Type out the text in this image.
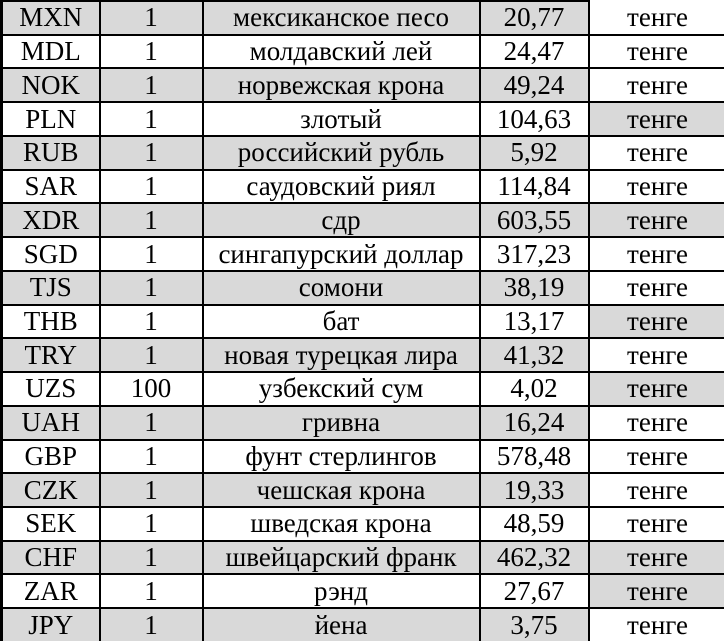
MXN	1	мексиканское песо	20,77	тенге
MDL	1	молдавский лей	24,47	тенге
NOK	1	норвежская крона	49,24	тенге
PLN	1	злотый	104,63	тенге
RUB	1	российский рубль	5,92	тенге
SAR	1	саудовский риял	114,84	тенге
XDR	1	сдр	603,55	тенге
SGD	1	сингапурский доллар	317,23	тенге
TJS	1	сомони	38,19	тенге
THB	1	бат	13,17	тенге
TRY	1	новая турецкая лира	41,32	тенге
UZS	100	узбекский сум	4,02	тенге
UAH	1	гривна	16,24	тенге
GBP	1	фунт стерлингов	578,48	тенге
CZK	1	чешская крона	19,33	тенге
SEK	1	шведская крона	48,59	тенге
CHF	1	швейцарский франк	462,32	тенге
ZAR	1	рэнд	27,67	тенге
JPY	1	йена	3,75	тенге
